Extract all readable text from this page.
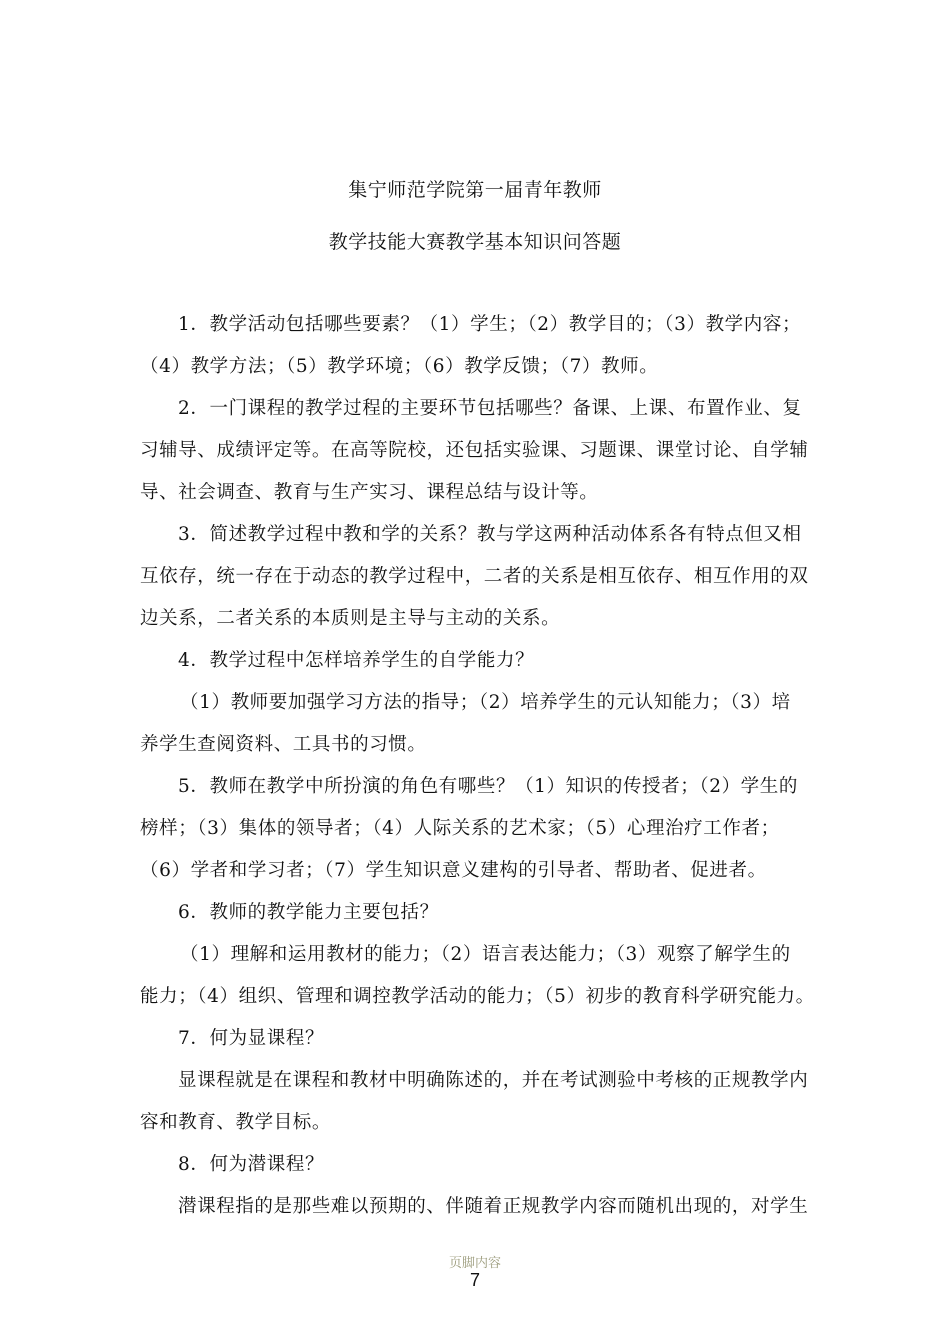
集宁师范学院第一届青年教师
教学技能大赛教学基本知识问答题
1．教学活动包括哪些要素？（1）学生；（2）教学目的；（3）教学内容；
（4）教学方法；（5）教学环境；（6）教学反馈；（7）教师。
2．一门课程的教学过程的主要环节包括哪些？备课、上课、布置作业、复
习辅导、成绩评定等。在高等院校，还包括实验课、习题课、课堂讨论、自学辅
导、社会调查、教育与生产实习、课程总结与设计等。
3．简述教学过程中教和学的关系？教与学这两种活动体系各有特点但又相
互依存，统一存在于动态的教学过程中，二者的关系是相互依存、相互作用的双
边关系，二者关系的本质则是主导与主动的关系。
4．教学过程中怎样培养学生的自学能力？
（1）教师要加强学习方法的指导；（2）培养学生的元认知能力；（3）培
养学生查阅资料、工具书的习惯。
5．教师在教学中所扮演的角色有哪些？（1）知识的传授者；（2）学生的
榜样；（3）集体的领导者；（4）人际关系的艺术家；（5）心理治疗工作者；
（6）学者和学习者；（7）学生知识意义建构的引导者、帮助者、促进者。
6．教师的教学能力主要包括？
（1）理解和运用教材的能力；（2）语言表达能力；（3）观察了解学生的
能力；（4）组织、管理和调控教学活动的能力；（5）初步的教育科学研究能力。
7．何为显课程？
显课程就是在课程和教材中明确陈述的，并在考试测验中考核的正规教学内
容和教育、教学目标。
8．何为潜课程？
潜课程指的是那些难以预期的、伴随着正规教学内容而随机出现的，对学生
页脚内容
7
